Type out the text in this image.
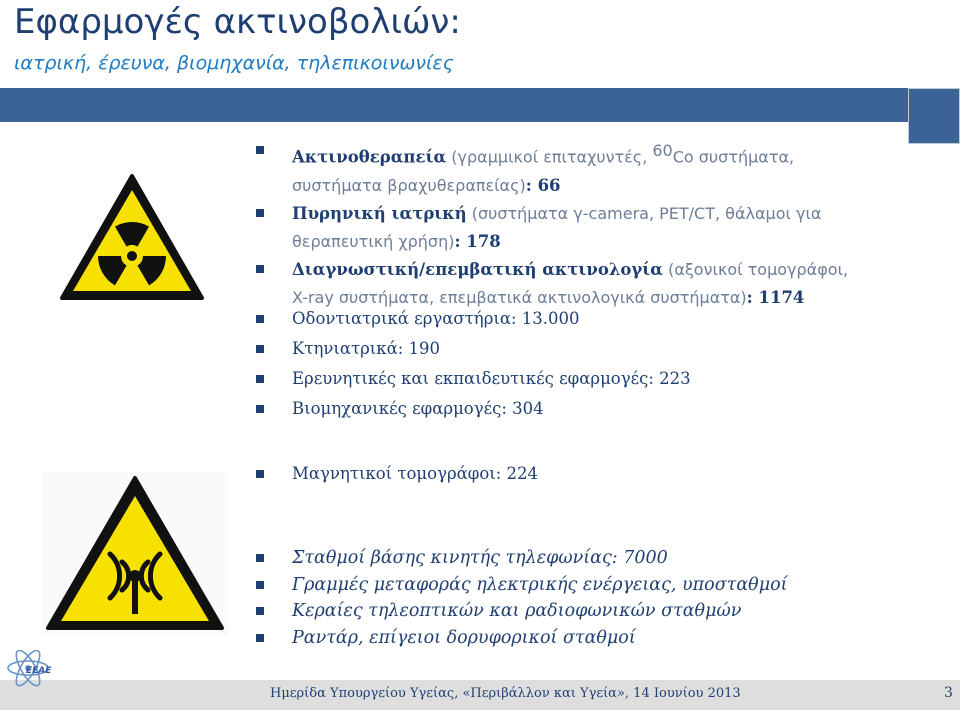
Εφαρμογές ακτινοβολιών:
ιατρική, έρευνα, βιομηχανία, τηλεπικοινωνίες
Ακτινοθεραπεία (γραμμικοί επιταχυντές, $^{60}$Co συστήματα,
συστήματα βραχυθεραπείας): 66
Πυρηνική ιατρική (συστήματα γ-camera, PET/CT, θάλαμοι για
θεραπευτική χρήση): 178
Διαγνωστική/επεμβατική ακτινολογία (αξονικοί τομογράφοι,
X-ray συστήματα, επεμβατικά ακτινολογικά συστήματα): 1174
Οδοντιατρικά εργαστήρια: 13.000
Κτηνιατρικά: 190
Ερευνητικές και εκπαιδευτικές εφαρμογές: 223
Βιομηχανικές εφαρμογές: 304
Μαγνητικοί τομογράφοι: 224
Σταθμοί βάσης κινητής τηλεφωνίας: 7000
Γραμμές μεταφοράς ηλεκτρικής ενέργειας, υποσταθμοί
Κεραίες τηλεοπτικών και ραδιοφωνικών σταθμών
Ραντάρ, επίγειοι δορυφορικοί σταθμοί
Ημερίδα Υπουργείου Υγείας, «Περιβάλλον και Υγεία», 14 Ιουνίου 2013	3
ΕΕΑΕ
